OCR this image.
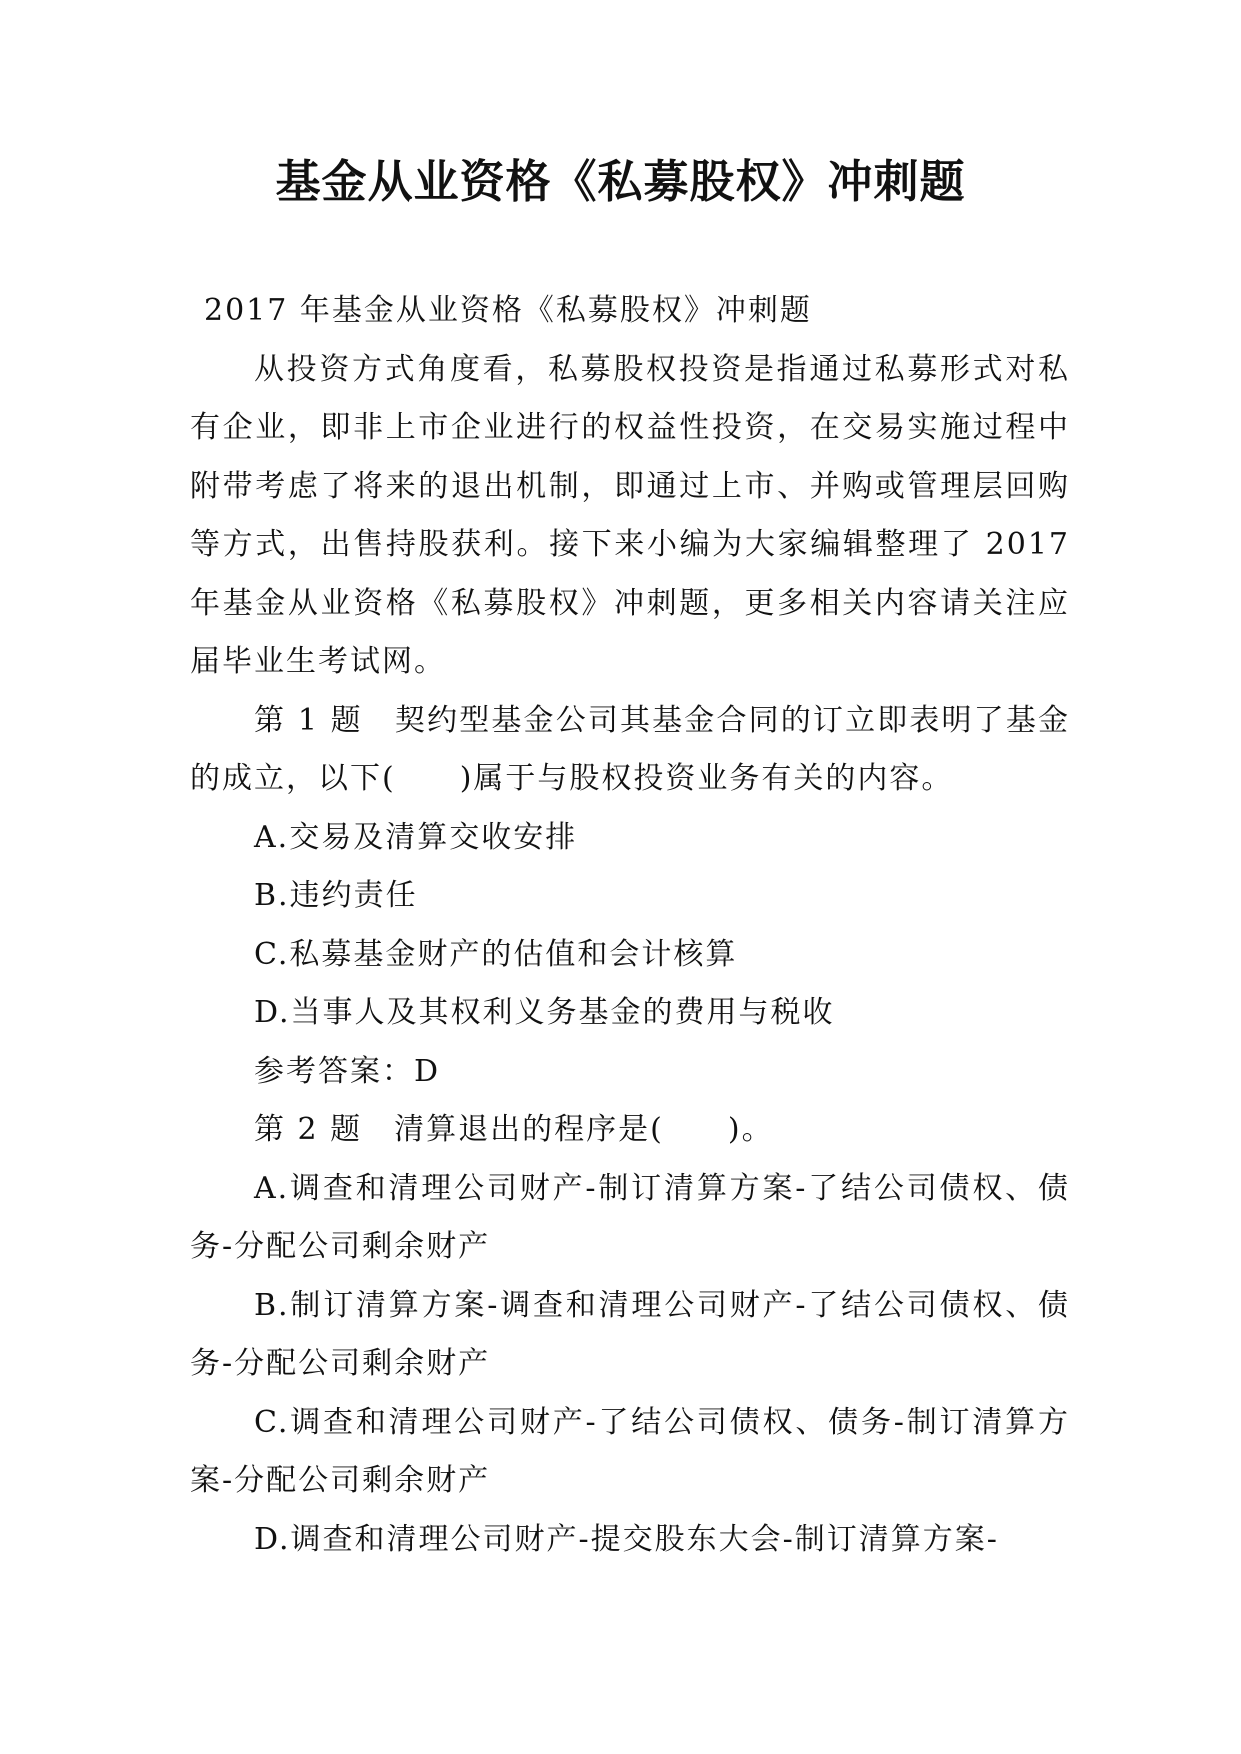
基金从业资格《私募股权》冲刺题

2017 年基金从业资格《私募股权》冲刺题

从投资方式角度看，私募股权投资是指通过私募形式对私有企业，即非上市企业进行的权益性投资，在交易实施过程中附带考虑了将来的退出机制，即通过上市、并购或管理层回购等方式，出售持股获利。接下来小编为大家编辑整理了 2017 年基金从业资格《私募股权》冲刺题，更多相关内容请关注应届毕业生考试网。

第 1 题　契约型基金公司其基金合同的订立即表明了基金的成立，以下(　　)属于与股权投资业务有关的内容。

A.交易及清算交收安排

B.违约责任

C.私募基金财产的估值和会计核算

D.当事人及其权利义务基金的费用与税收

参考答案：D

第 2 题　清算退出的程序是(　　)。

A.调查和清理公司财产-制订清算方案-了结公司债权、债务-分配公司剩余财产

B.制订清算方案-调查和清理公司财产-了结公司债权、债务-分配公司剩余财产

C.调查和清理公司财产-了结公司债权、债务-制订清算方案-分配公司剩余财产

D.调查和清理公司财产-提交股东大会-制订清算方案-
